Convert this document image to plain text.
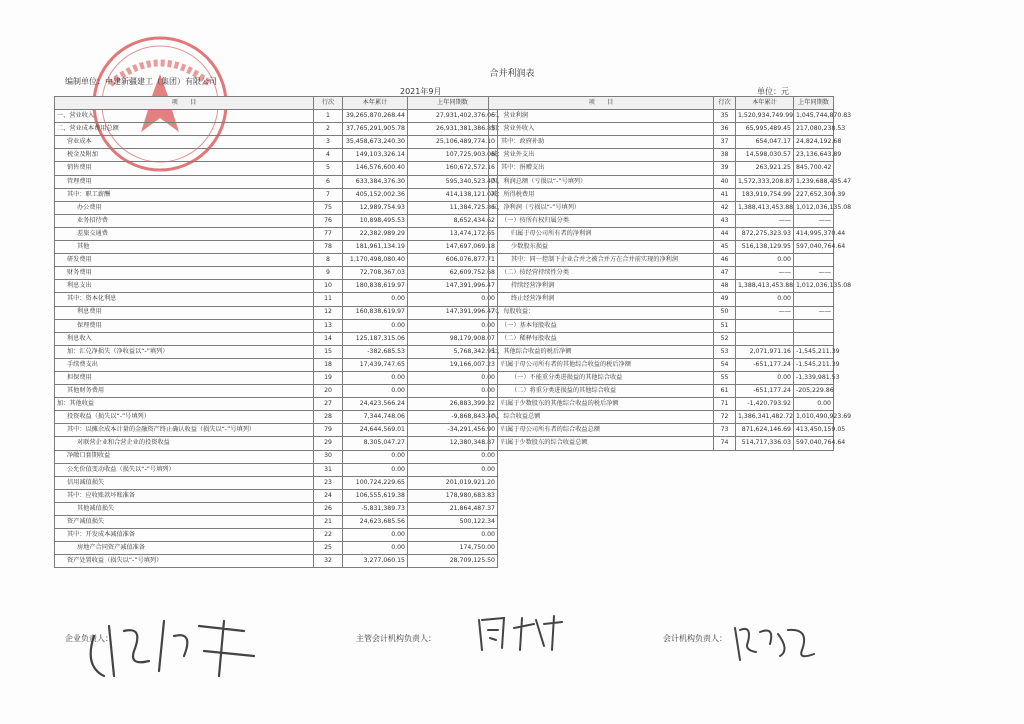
合并利润表
编制单位：中建新疆建工（集团）有限公司
2021年9月	单位：元
项　　目	行次	本年累计	上年同期数
一、营业收入	1	39,265,870,268.44	27,931,402,376.06
二、营业成本费用总额	2	37,765,291,905.78	26,931,381,386.85
营业成本	3	35,458,673,240.30	25,106,489,774.10
税金及附加	4	149,103,326.14	107,725,903.06
销售费用	5	146,576,600.40	160,672,572.16
管理费用	6	633,384,376.30	595,340,523.40
其中：职工薪酬	7	405,152,002.36	414,138,121.07
办公费用	75	12,989,754.93	11,384,725.86
业务招待费	76	10,898,495.53	8,652,434.62
差旅交通费	77	22,382,989.29	13,474,172.65
其他	78	181,961,134.19	147,697,069.18
研发费用	8	1,170,498,080.40	606,076,877.71
财务费用	9	72,708,367.03	62,609,752.68
利息支出	10	180,838,619.97	147,391,996.47
其中：资本化利息	11	0.00	0.00
利息费用	12	160,838,619.97	147,391,996.47
保理费用	13	0.00	0.00
利息收入	14	125,187,315.06	98,179,908.07
加：汇兑净损失（净收益以“-”填列）	15	-382,685.53	5,768,342.95
手续费支出	18	17,439,747.65	19,166,007.23
担保费用	19	0.00	0.00
其他财务费用	20	0.00	0.00
加：其他收益	27	24,423,566.24	26,883,399.32
投资收益（损失以“-”号填列）	28	7,344,748.06	-9,868,843.40
其中：以摊余成本计量的金融资产终止确认收益（损失以“-”号填列）	79	24,644,569.01	-34,291,456.90
对联营企业和合营企业的投资收益	29	8,305,047.27	12,380,348.87
净敞口套期收益	30	0.00	0.00
公允价值变动收益（损失以“-”号填列）	31	0.00	0.00
信用减值损失	23	100,724,229.65	201,019,921.20
其中：应收账款坏账准备	24	106,555,619.38	178,980,683.83
其他减值损失	26	-5,831,389.73	21,864,487.37
资产减值损失	21	24,623,685.56	500,122.34
其中：开发成本减值准备	22	0.00	0.00
房地产合同资产减值准备	25	0.00	174,750.00
资产处置收益（损失以“-”号填列）	32	3,277,060.15	28,709,125.50
项　　目	行次	本年累计	上年同期数
三、营业利润	35	1,520,934,749.99	1,045,744,870.83
加：营业外收入	36	65,995,489.45	217,080,238.53
其中：政府补助	37	654,047.17	24,824,192.68
减：营业外支出	38	14,598,030.57	23,136,643.89
其中：捐赠支出	39	263,921.25	845,700.42
四、利润总额（亏损以“-”号填列）	40	1,572,333,208.87	1,239,688,435.47
减：所得税费用	41	183,919,754.99	227,652,300.39
五、净利润（亏损以“-”号填列）	42	1,388,413,453.88	1,012,036,135.08
（一）按所有权归属分类	43	——	——
归属于母公司所有者的净利润	44	872,275,323.93	414,995,370.44
少数股东损益	45	516,138,129.95	597,040,764.64
其中：同一控制下企业合并之被合并方在合并前实现的净利润	46	0.00	
（二）按经营持续性分类	47	——	——
持续经营净利润	48	1,388,413,453.88	1,012,036,135.08
终止经营净利润	49	0.00	
六、每股收益：	50	——	——
（一）基本每股收益	51		
（二）稀释每股收益	52		
七、其他综合收益的税后净额	53	2,071,971.16	-1,545,211.39
归属于母公司所有者的其他综合收益的税后净额	54	-651,177.24	-1,545,211.39
（一）不能重分类进损益的其他综合收益	55	0.00	-1,339,981.53
（二）将重分类进损益的其他综合收益	61	-651,177.24	-205,229.86
归属于少数股东的其他综合收益的税后净额	71	-1,420,793.92	0.00
八、综合收益总额	72	1,386,341,482.72	1,010,490,923.69
归属于母公司所有者的综合收益总额	73	871,624,146.69	413,450,159.05
归属于少数股东的综合收益总额	74	514,717,336.03	597,040,764.64
企业负责人：	主管会计机构负责人：	会计机构负责人：
